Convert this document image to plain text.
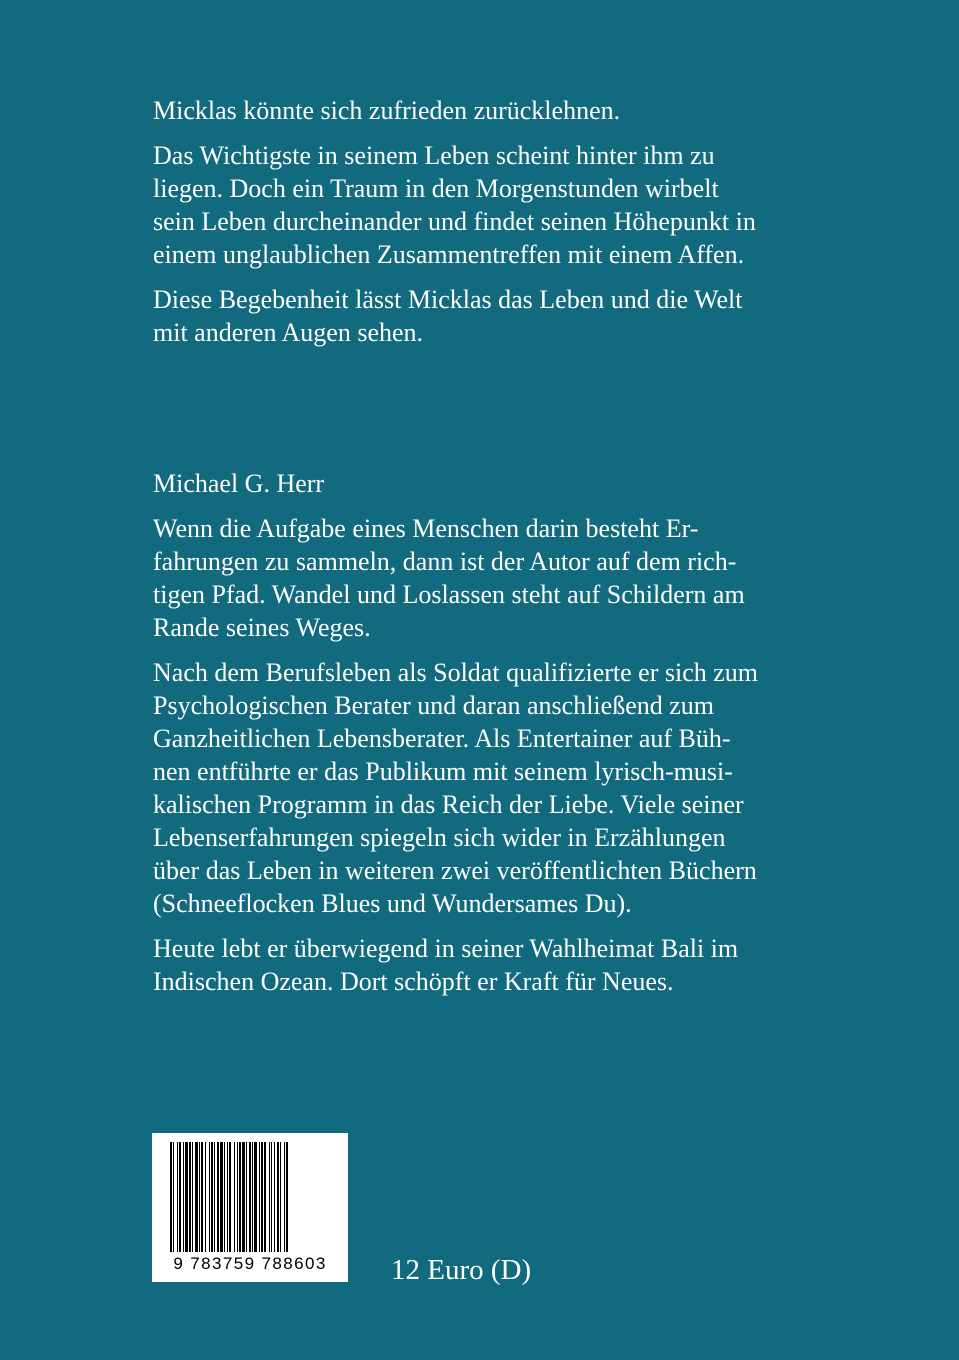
Micklas könnte sich zufrieden zurücklehnen.
Das Wichtigste in seinem Leben scheint hinter ihm zu
liegen. Doch ein Traum in den Morgenstunden wirbelt
sein Leben durcheinander und findet seinen Höhepunkt in
einem unglaublichen Zusammentreffen mit einem Affen.
Diese Begebenheit lässt Micklas das Leben und die Welt
mit anderen Augen sehen.
Michael G. Herr
Wenn die Aufgabe eines Menschen darin besteht Er-
fahrungen zu sammeln, dann ist der Autor auf dem rich-
tigen Pfad. Wandel und Loslassen steht auf Schildern am
Rande seines Weges.
Nach dem Berufsleben als Soldat qualifizierte er sich zum
Psychologischen Berater und daran anschließend zum
Ganzheitlichen Lebensberater. Als Entertainer auf Büh-
nen entführte er das Publikum mit seinem lyrisch-musi-
kalischen Programm in das Reich der Liebe. Viele seiner
Lebenserfahrungen spiegeln sich wider in Erzählungen
über das Leben in weiteren zwei veröffentlichten Büchern
(Schneeflocken Blues und Wundersames Du).
Heute lebt er überwiegend in seiner Wahlheimat Bali im
Indischen Ozean. Dort schöpft er Kraft für Neues.
9 783759 788603	12 Euro (D)
